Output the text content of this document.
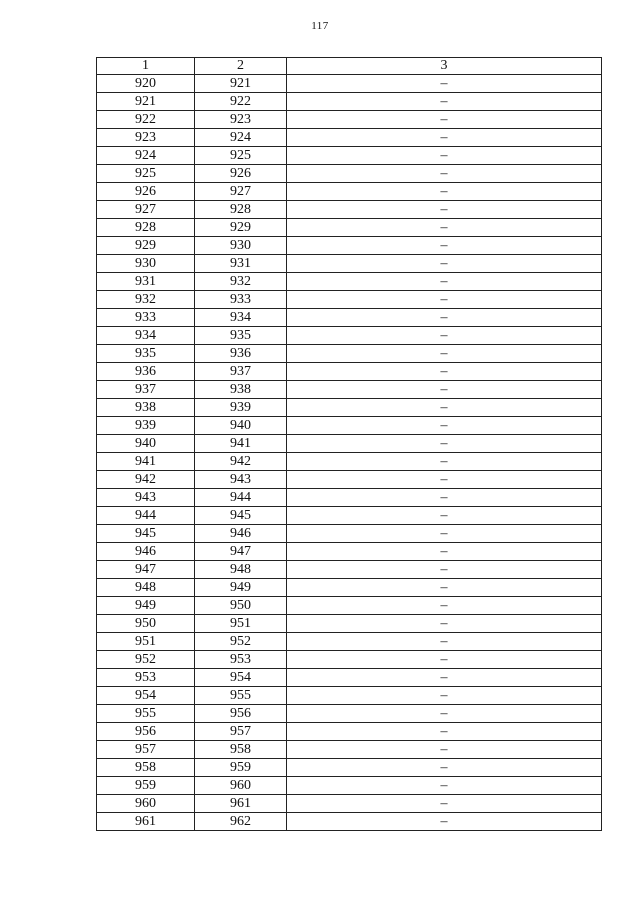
117
1	2	3
920	921	–
921	922	–
922	923	–
923	924	–
924	925	–
925	926	–
926	927	–
927	928	–
928	929	–
929	930	–
930	931	–
931	932	–
932	933	–
933	934	–
934	935	–
935	936	–
936	937	–
937	938	–
938	939	–
939	940	–
940	941	–
941	942	–
942	943	–
943	944	–
944	945	–
945	946	–
946	947	–
947	948	–
948	949	–
949	950	–
950	951	–
951	952	–
952	953	–
953	954	–
954	955	–
955	956	–
956	957	–
957	958	–
958	959	–
959	960	–
960	961	–
961	962	–
